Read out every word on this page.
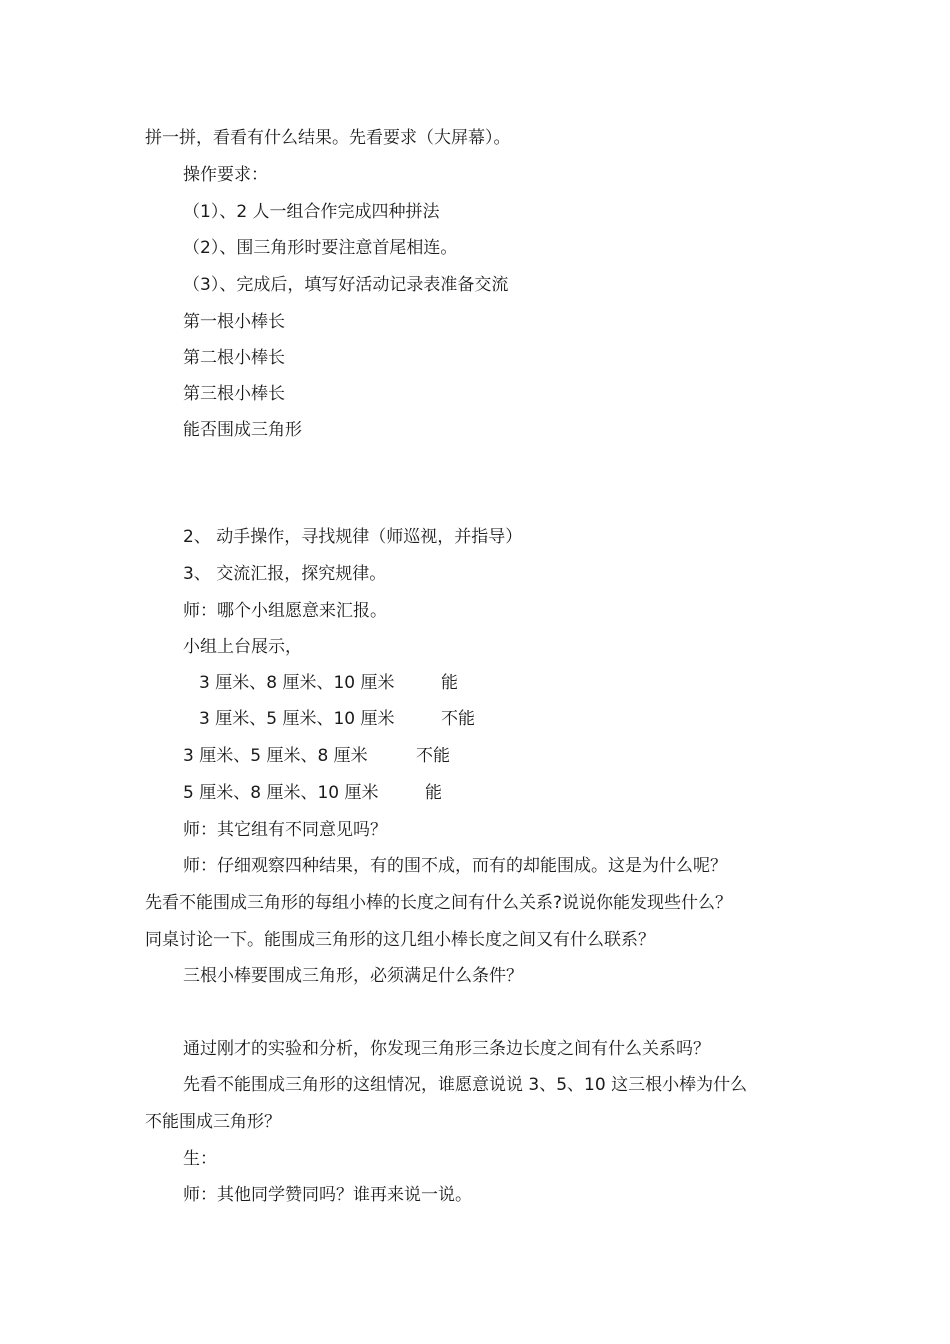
拼一拼，看看有什么结果。先看要求（大屏幕）。
操作要求：
（1）、2 人一组合作完成四种拼法
（2）、围三角形时要注意首尾相连。
（3）、完成后，填写好活动记录表准备交流
第一根小棒长
第二根小棒长
第三根小棒长
能否围成三角形
2、 动手操作，寻找规律（师巡视，并指导）
3、 交流汇报，探究规律。
师：哪个小组愿意来汇报。
小组上台展示，
3 厘米、8 厘米、10 厘米	能
3 厘米、5 厘米、10 厘米	不能
3 厘米、5 厘米、8 厘米	不能
5 厘米、8 厘米、10 厘米	能
师：其它组有不同意见吗？
师：仔细观察四种结果，有的围不成，而有的却能围成。这是为什么呢？
先看不能围成三角形的每组小棒的长度之间有什么关系?说说你能发现些什么？
同桌讨论一下。能围成三角形的这几组小棒长度之间又有什么联系？
三根小棒要围成三角形，必须满足什么条件？
通过刚才的实验和分析，你发现三角形三条边长度之间有什么关系吗？
先看不能围成三角形的这组情况，谁愿意说说 3、5、10 这三根小棒为什么
不能围成三角形？
生：
师：其他同学赞同吗？谁再来说一说。
